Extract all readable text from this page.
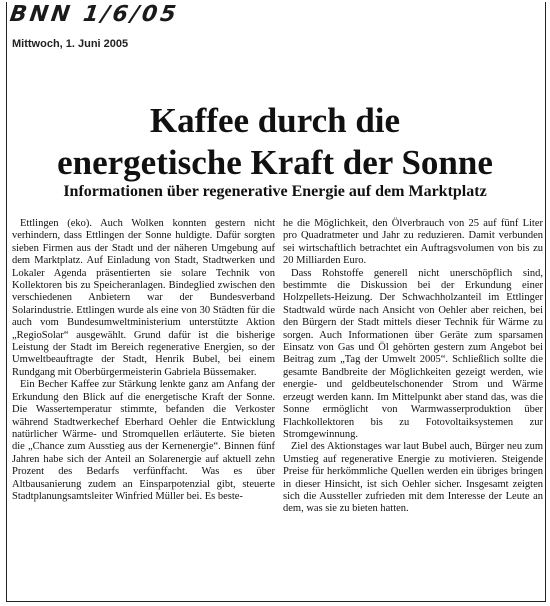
BNN 1/6/05
Mittwoch, 1. Juni 2005
Kaffee durch die
energetische Kraft der Sonne
Informationen über regenerative Energie auf dem Marktplatz

Ettlingen (eko). Auch Wolken konnten gestern nicht verhindern, dass Ettlingen der Sonne huldigte. Dafür sorgten sieben Firmen aus der Stadt und der näheren Umgebung auf dem Marktplatz. Auf Einladung von Stadt, Stadtwerken und Lokaler Agenda präsentierten sie solare Technik von Kollektoren bis zu Speicheranlagen. Bindeglied zwischen den verschiedenen Anbietern war der Bundesverband Solarindustrie. Ettlingen wurde als eine von 30 Städten für die auch vom Bundesumweltministerium unterstützte Aktion „RegioSolar“ ausgewählt. Grund dafür ist die bisherige Leistung der Stadt im Bereich regenerative Energien, so der Umweltbeauftragte der Stadt, Henrik Bubel, bei einem Rundgang mit Oberbürgermeisterin Gabriela Büssemaker.

Ein Becher Kaffee zur Stärkung lenkte ganz am Anfang der Erkundung den Blick auf die energetische Kraft der Sonne. Die Wassertemperatur stimmte, befanden die Verkoster während Stadtwerkechef Eberhard Oehler die Entwicklung natürlicher Wärme- und Stromquellen erläuterte. Sie bieten die „Chance zum Ausstieg aus der Kernenergie“. Binnen fünf Jahren habe sich der Anteil an Solarenergie auf aktuell zehn Prozent des Bedarfs verfünffacht. Was es über Altbausanierung zudem an Einsparpotenzial gibt, steuerte Stadtplanungsamtsleiter Winfried Müller bei. Es beste-

he die Möglichkeit, den Ölverbrauch von 25 auf fünf Liter pro Quadratmeter und Jahr zu reduzieren. Damit verbunden sei wirtschaftlich betrachtet ein Auftragsvolumen von bis zu 20 Milliarden Euro.

Dass Rohstoffe generell nicht unerschöpflich sind, bestimmte die Diskussion bei der Erkundung einer Holzpellets-Heizung. Der Schwachholzanteil im Ettlinger Stadtwald würde nach Ansicht von Oehler aber reichen, bei den Bürgern der Stadt mittels dieser Technik für Wärme zu sorgen. Auch Informationen über Geräte zum sparsamen Einsatz von Gas und Öl gehörten gestern zum Angebot bei Beitrag zum „Tag der Umwelt 2005“. Schließlich sollte die gesamte Bandbreite der Möglichkeiten gezeigt werden, wie energie- und geldbeutelschonender Strom und Wärme erzeugt werden kann. Im Mittelpunkt aber stand das, was die Sonne ermöglicht von Warmwasserproduktion über Flachkollektoren bis zu Fotovoltaiksystemen zur Stromgewinnung.

Ziel des Aktionstages war laut Bubel auch, Bürger neu zum Umstieg auf regenerative Energie zu motivieren. Steigende Preise für herkömmliche Quellen werden ein übriges bringen in dieser Hinsicht, ist sich Oehler sicher. Insgesamt zeigten sich die Aussteller zufrieden mit dem Interesse der Leute an dem, was sie zu bieten hatten.
